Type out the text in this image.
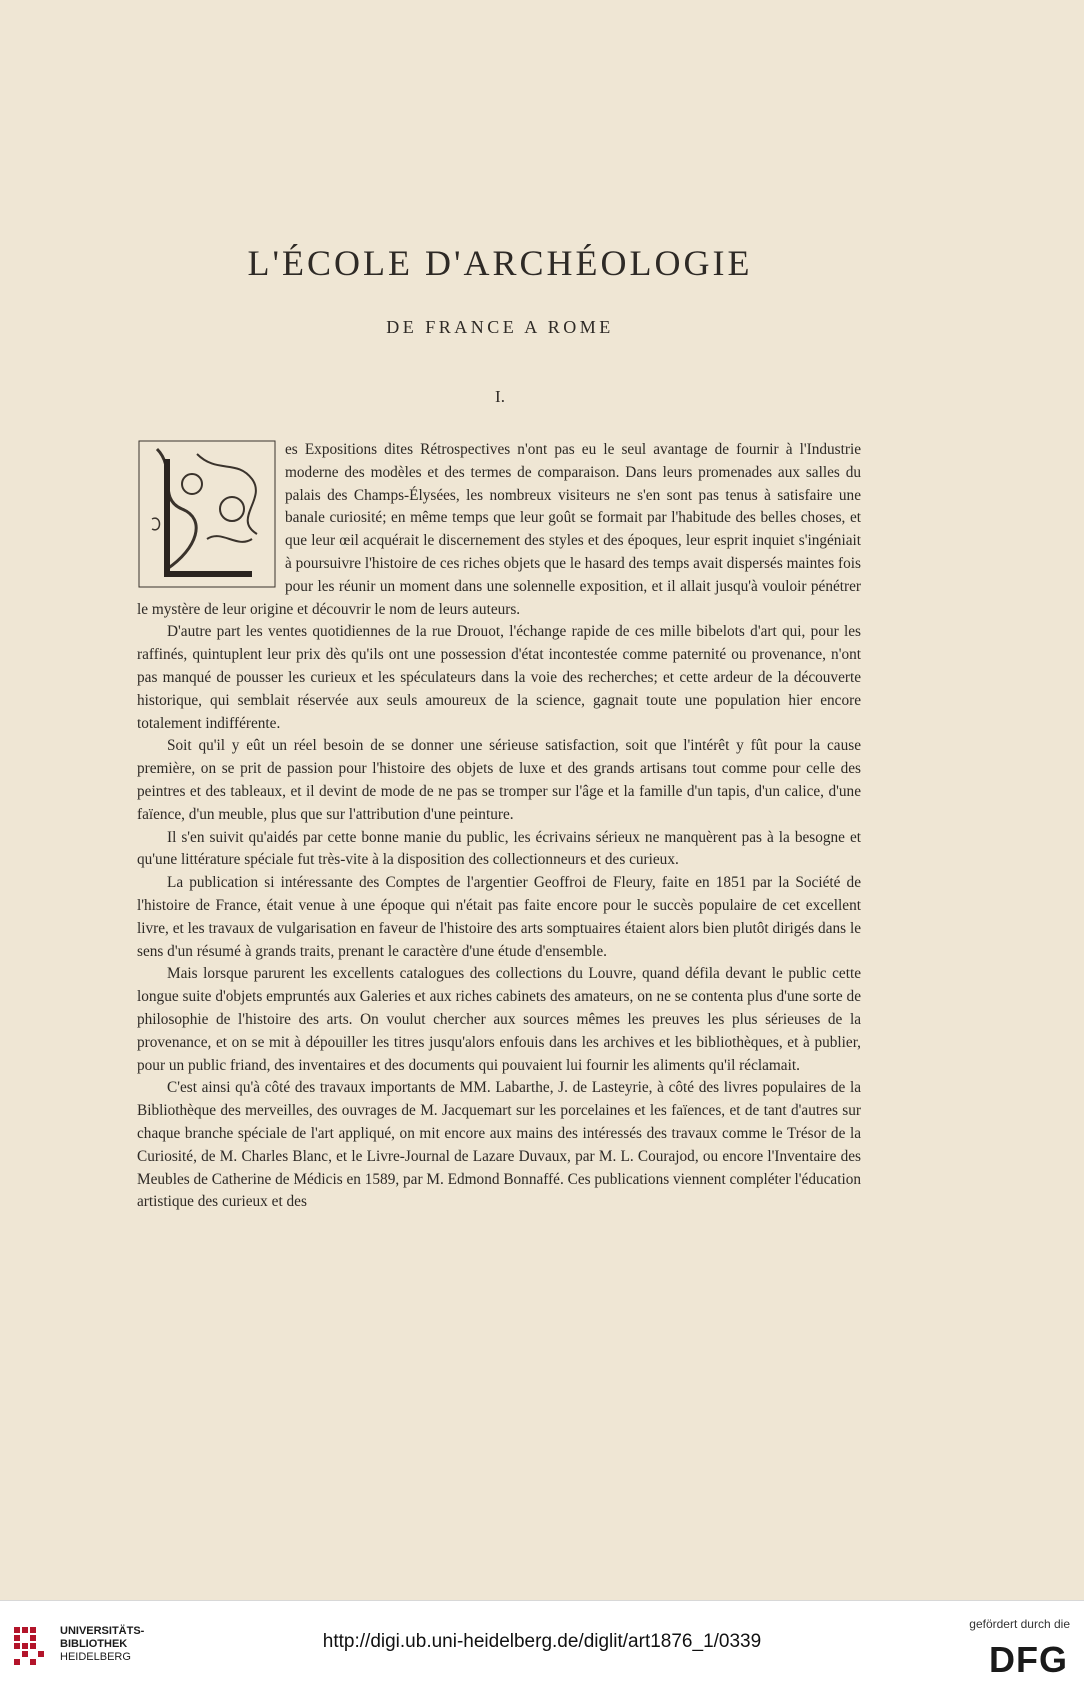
L'ÉCOLE D'ARCHÉOLOGIE
DE FRANCE A ROME
I.

es Expositions dites Rétrospectives n'ont pas eu le seul avantage de fournir à l'Industrie moderne des modèles et des termes de comparaison. Dans leurs promenades aux salles du palais des Champs-Élysées, les nombreux visiteurs ne s'en sont pas tenus à satisfaire une banale curiosité; en même temps que leur goût se formait par l'habitude des belles choses, et que leur œil acquérait le discernement des styles et des époques, leur esprit inquiet s'ingéniait à poursuivre l'histoire de ces riches objets que le hasard des temps avait dispersés maintes fois pour les réunir un moment dans une solennelle exposition, et il allait jusqu'à vouloir pénétrer le mystère de leur origine et découvrir le nom de leurs auteurs.

D'autre part les ventes quotidiennes de la rue Drouot, l'échange rapide de ces mille bibelots d'art qui, pour les raffinés, quintuplent leur prix dès qu'ils ont une possession d'état incontestée comme paternité ou provenance, n'ont pas manqué de pousser les curieux et les spéculateurs dans la voie des recherches; et cette ardeur de la découverte historique, qui semblait réservée aux seuls amoureux de la science, gagnait toute une population hier encore totalement indifférente.

Soit qu'il y eût un réel besoin de se donner une sérieuse satisfaction, soit que l'intérêt y fût pour la cause première, on se prit de passion pour l'histoire des objets de luxe et des grands artisans tout comme pour celle des peintres et des tableaux, et il devint de mode de ne pas se tromper sur l'âge et la famille d'un tapis, d'un calice, d'une faïence, d'un meuble, plus que sur l'attribution d'une peinture.

Il s'en suivit qu'aidés par cette bonne manie du public, les écrivains sérieux ne manquèrent pas à la besogne et qu'une littérature spéciale fut très-vite à la disposition des collectionneurs et des curieux.

La publication si intéressante des Comptes de l'argentier Geoffroi de Fleury, faite en 1851 par la Société de l'histoire de France, était venue à une époque qui n'était pas faite encore pour le succès populaire de cet excellent livre, et les travaux de vulgarisation en faveur de l'histoire des arts somptuaires étaient alors bien plutôt dirigés dans le sens d'un résumé à grands traits, prenant le caractère d'une étude d'ensemble.

Mais lorsque parurent les excellents catalogues des collections du Louvre, quand défila devant le public cette longue suite d'objets empruntés aux Galeries et aux riches cabinets des amateurs, on ne se contenta plus d'une sorte de philosophie de l'histoire des arts. On voulut chercher aux sources mêmes les preuves les plus sérieuses de la provenance, et on se mit à dépouiller les titres jusqu'alors enfouis dans les archives et les bibliothèques, et à publier, pour un public friand, des inventaires et des documents qui pouvaient lui fournir les aliments qu'il réclamait.

C'est ainsi qu'à côté des travaux importants de MM. Labarthe, J. de Lasteyrie, à côté des livres populaires de la Bibliothèque des merveilles, des ouvrages de M. Jacquemart sur les porcelaines et les faïences, et de tant d'autres sur chaque branche spéciale de l'art appliqué, on mit encore aux mains des intéressés des travaux comme le Trésor de la Curiosité, de M. Charles Blanc, et le Livre-Journal de Lazare Duvaux, par M. L. Courajod, ou encore l'Inventaire des Meubles de Catherine de Médicis en 1589, par M. Edmond Bonnaffé. Ces publications viennent compléter l'éducation artistique des curieux et des

UNIVERSITÄTS-
BIBLIOTHEK
HEIDELBERG
http://digi.ub.uni-heidelberg.de/diglit/art1876_1/0339
gefördert durch die
DFG
